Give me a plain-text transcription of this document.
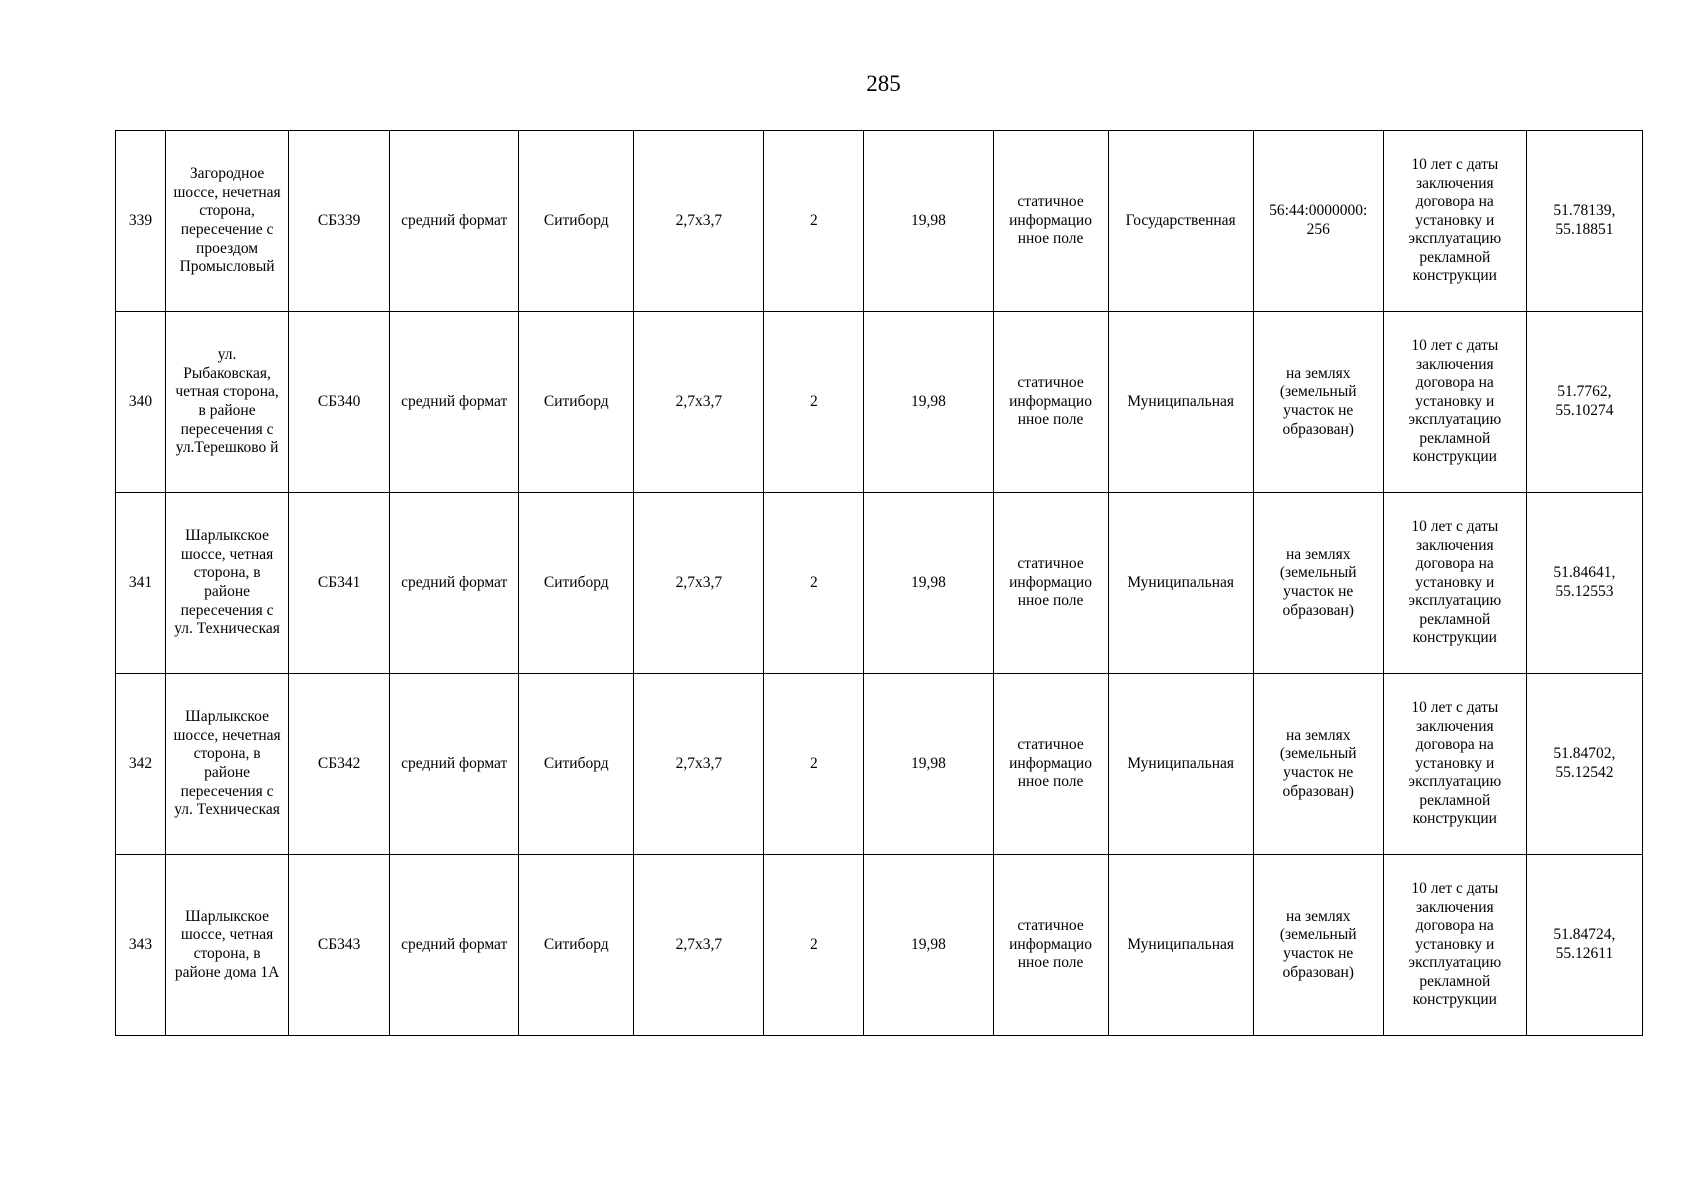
285
339	Загородное шоссе, нечетная сторона, пересечение с проездом Промысловый	СБ339	средний формат	Ситиборд	2,7x3,7	2	19,98	статичное информацио нное поле	Государственная	56:44:0000000: 256	10 лет с даты заключения договора на установку и эксплуатацию рекламной конструкции	51.78139, 55.18851
340	ул. Рыбаковская, четная сторона, в районе пересечения с ул.Терешково й	СБ340	средний формат	Ситиборд	2,7x3,7	2	19,98	статичное информацио нное поле	Муниципальная	на землях (земельный участок не образован)	10 лет с даты заключения договора на установку и эксплуатацию рекламной конструкции	51.7762, 55.10274
341	Шарлыкское шоссе, четная сторона, в районе пересечения с ул. Техническая	СБ341	средний формат	Ситиборд	2,7x3,7	2	19,98	статичное информацио нное поле	Муниципальная	на землях (земельный участок не образован)	10 лет с даты заключения договора на установку и эксплуатацию рекламной конструкции	51.84641, 55.12553
342	Шарлыкское шоссе, нечетная сторона, в районе пересечения с ул. Техническая	СБ342	средний формат	Ситиборд	2,7x3,7	2	19,98	статичное информацио нное поле	Муниципальная	на землях (земельный участок не образован)	10 лет с даты заключения договора на установку и эксплуатацию рекламной конструкции	51.84702, 55.12542
343	Шарлыкское шоссе, четная сторона, в районе дома 1А	СБ343	средний формат	Ситиборд	2,7x3,7	2	19,98	статичное информацио нное поле	Муниципальная	на землях (земельный участок не образован)	10 лет с даты заключения договора на установку и эксплуатацию рекламной конструкции	51.84724, 55.12611
